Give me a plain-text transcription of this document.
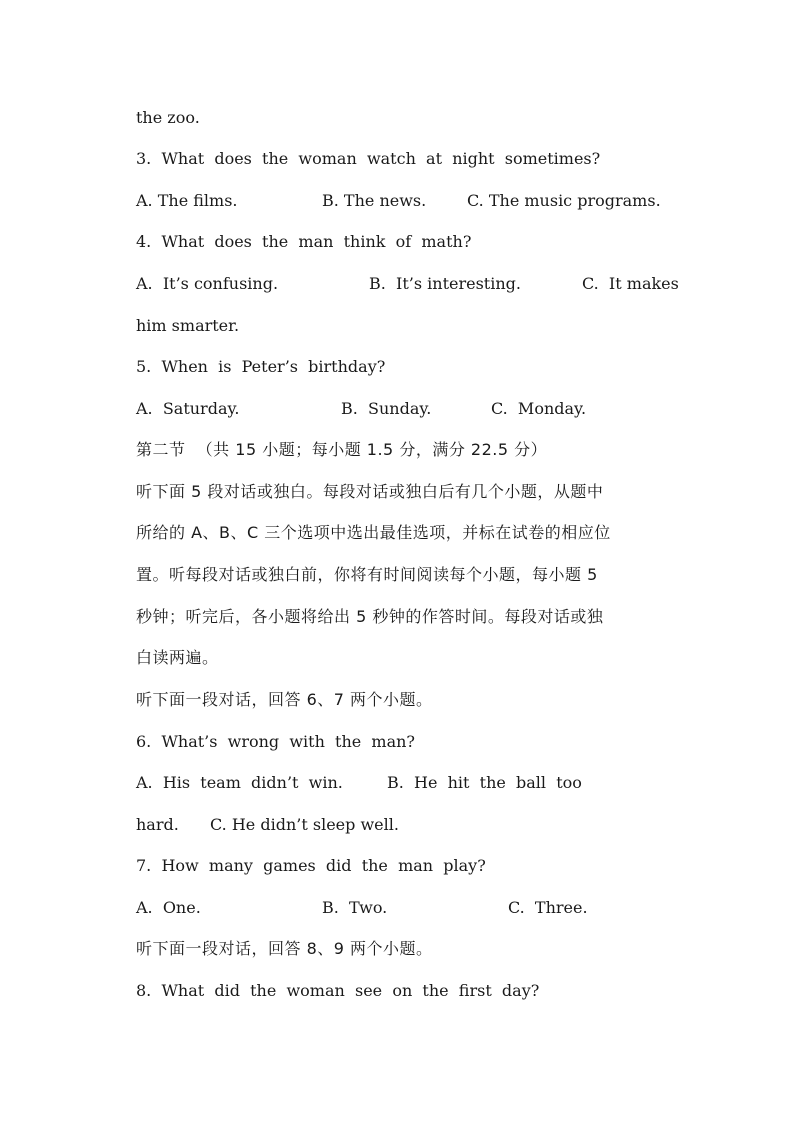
the zoo.
3.  What  does  the  woman  watch  at  night  sometimes?
A. The films.	B. The news.	C. The music programs.
4.  What  does  the  man  think  of  math?
A.  It’s confusing.	B.  It’s interesting.	C.  It makes
him smarter.
5.  When  is  Peter’s  birthday?
A.  Saturday.	B.  Sunday.	C.  Monday.
第二节  （共 15 小题；每小题 1.5 分，满分 22.5 分）
听下面 5 段对话或独白。每段对话或独白后有几个小题，从题中
所给的 A、B、C 三个选项中选出最佳选项，并标在试卷的相应位
置。听每段对话或独白前，你将有时间阅读每个小题，每小题 5
秒钟；听完后，各小题将给出 5 秒钟的作答时间。每段对话或独
白读两遍。
听下面一段对话，回答 6、7 两个小题。
6.  What’s  wrong  with  the  man?
A.  His  team  didn’t  win.	B.  He  hit  the  ball  too
hard. C. He didn’t sleep well.
7.  How  many  games  did  the  man  play?
A.  One.	B.  Two.	C.  Three.
听下面一段对话，回答 8、9 两个小题。
8.  What  did  the  woman  see  on  the  first  day?
